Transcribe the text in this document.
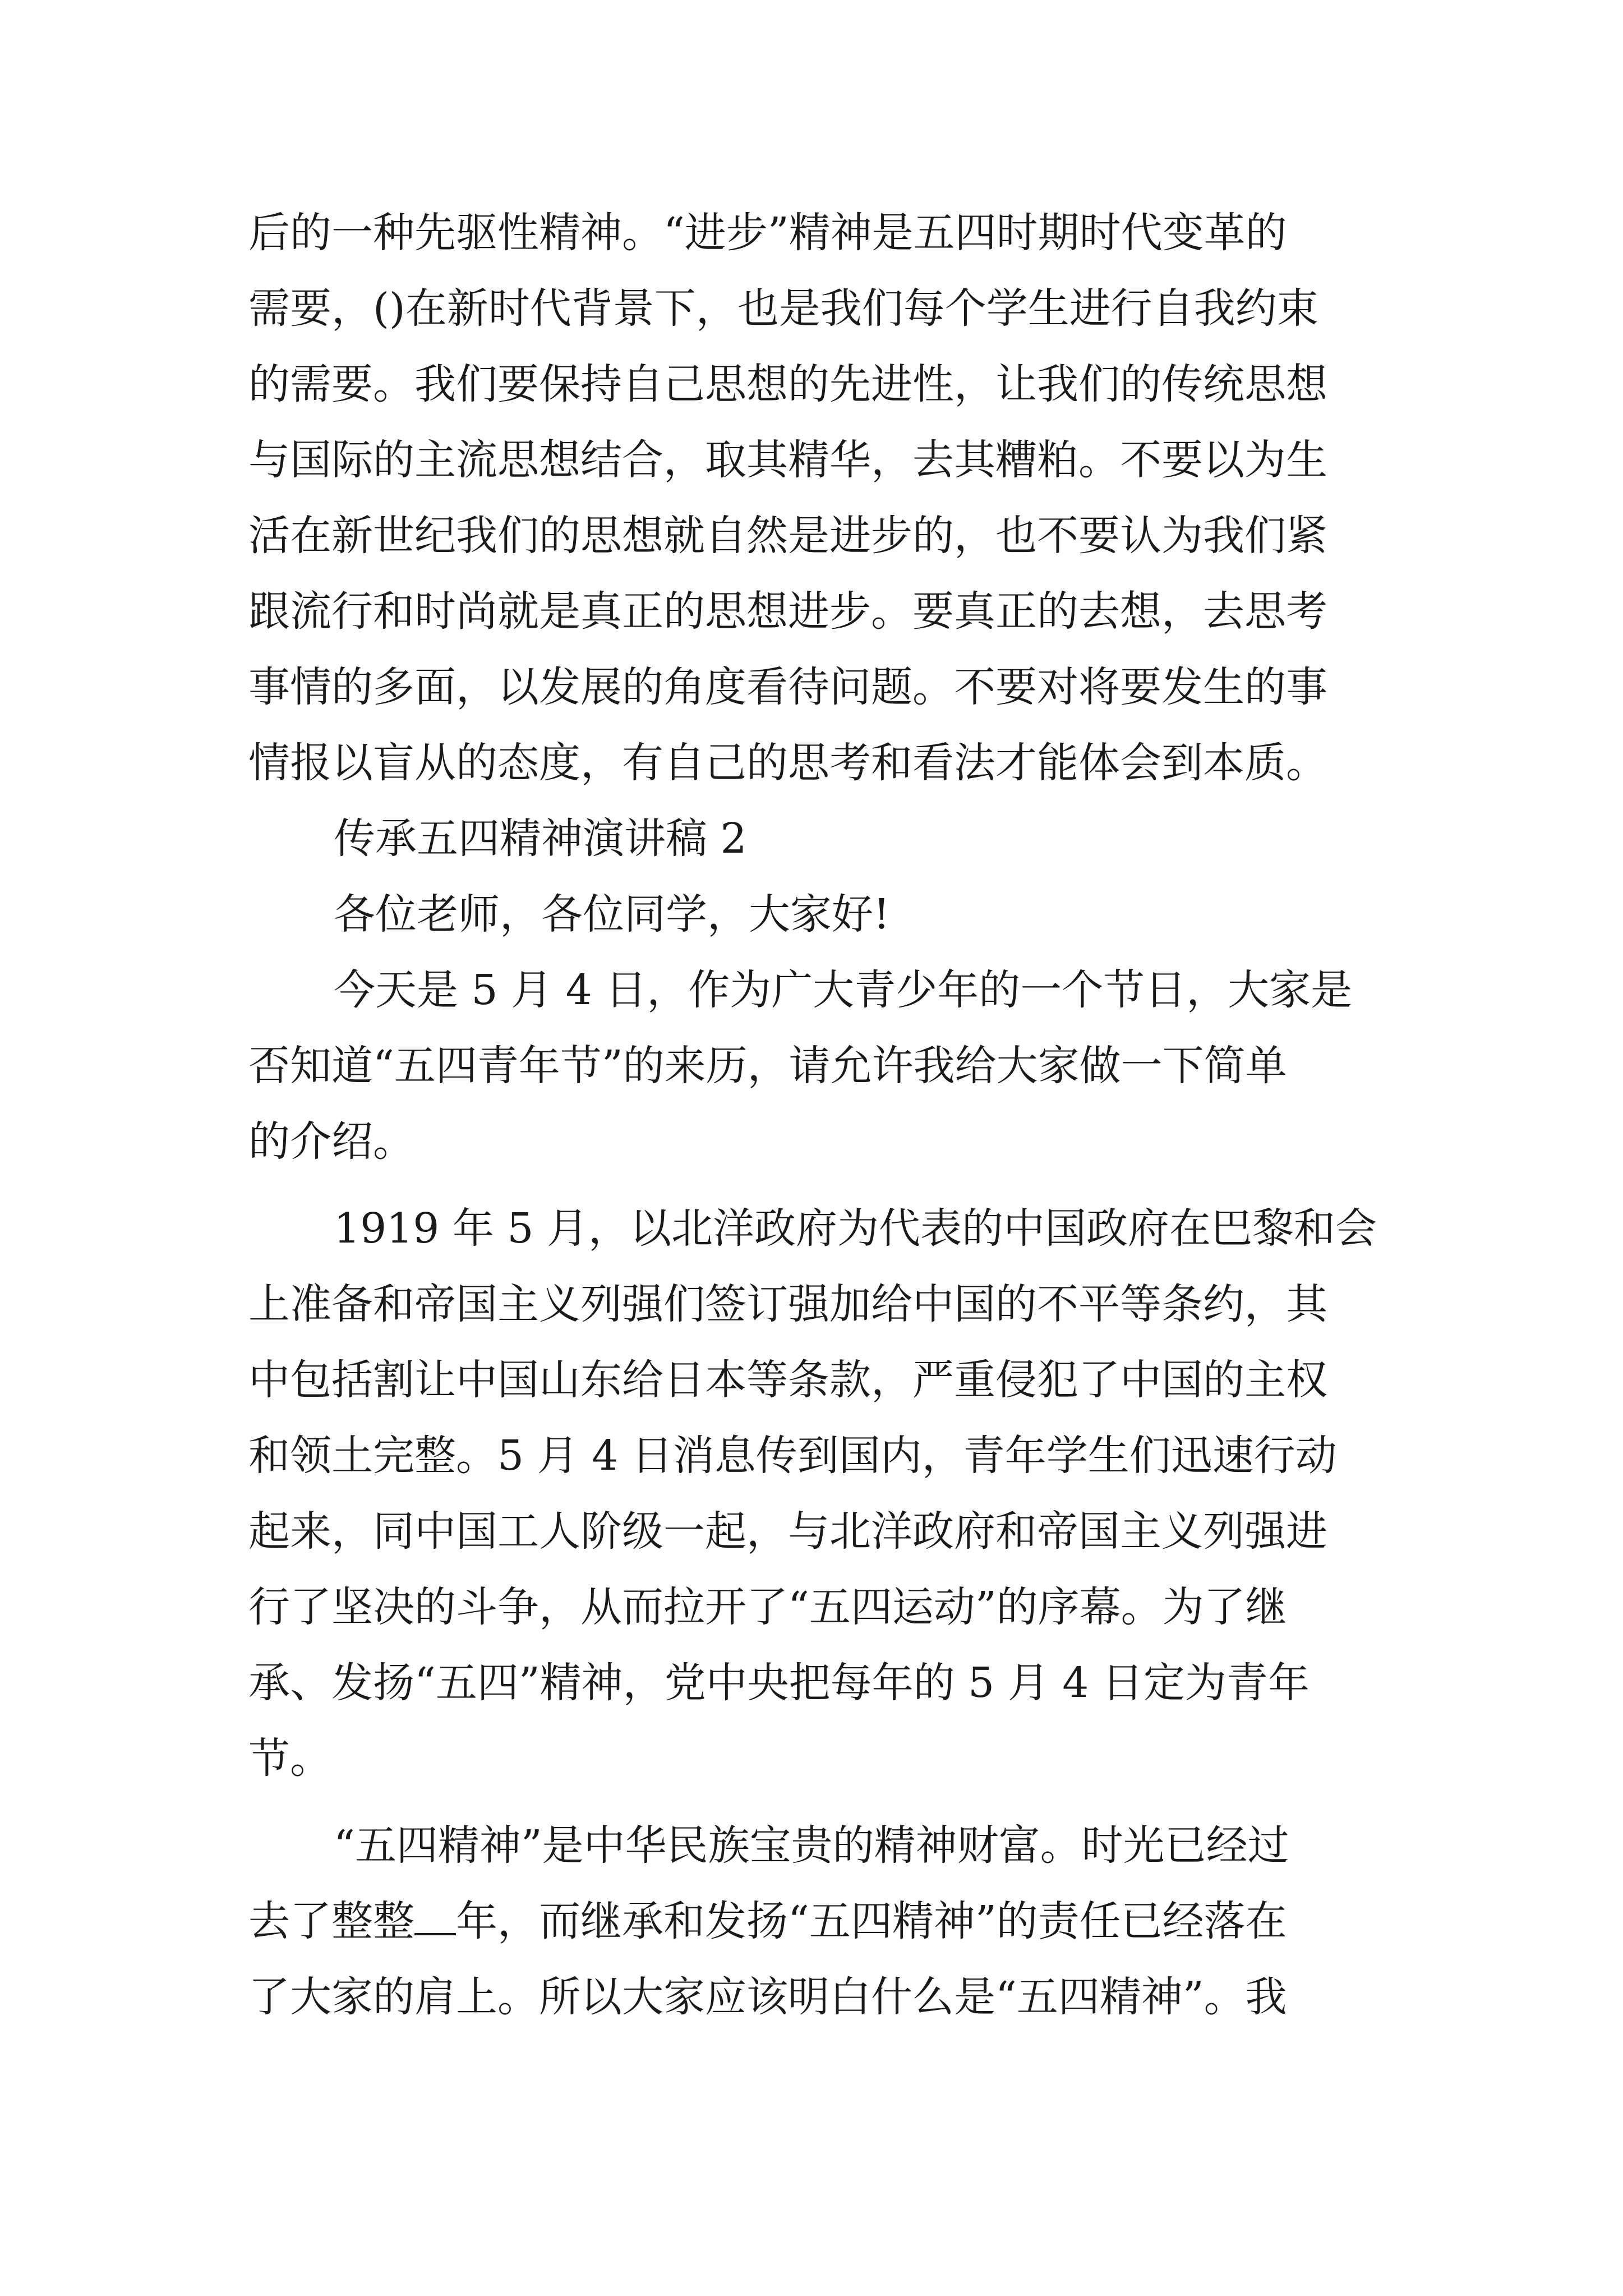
后的一种先驱性精神。“进步”精神是五四时期时代变革的
需要，()在新时代背景下，也是我们每个学生进行自我约束
的需要。我们要保持自己思想的先进性，让我们的传统思想
与国际的主流思想结合，取其精华，去其糟粕。不要以为生
活在新世纪我们的思想就自然是进步的，也不要认为我们紧
跟流行和时尚就是真正的思想进步。要真正的去想，去思考
事情的多面，以发展的角度看待问题。不要对将要发生的事
情报以盲从的态度，有自己的思考和看法才能体会到本质。
传承五四精神演讲稿 2
各位老师，各位同学，大家好!
今天是 5 月 4 日，作为广大青少年的一个节日，大家是
否知道“五四青年节”的来历，请允许我给大家做一下简单
的介绍。
1919 年 5 月，以北洋政府为代表的中国政府在巴黎和会
上准备和帝国主义列强们签订强加给中国的不平等条约，其
中包括割让中国山东给日本等条款，严重侵犯了中国的主权
和领土完整。5 月 4 日消息传到国内，青年学生们迅速行动
起来，同中国工人阶级一起，与北洋政府和帝国主义列强进
行了坚决的斗争，从而拉开了“五四运动”的序幕。为了继
承、发扬“五四”精神，党中央把每年的 5 月 4 日定为青年
节。
“五四精神”是中华民族宝贵的精神财富。时光已经过
去了整整 年，而继承和发扬“五四精神”的责任已经落在
了大家的肩上。所以大家应该明白什么是“五四精神”。我
